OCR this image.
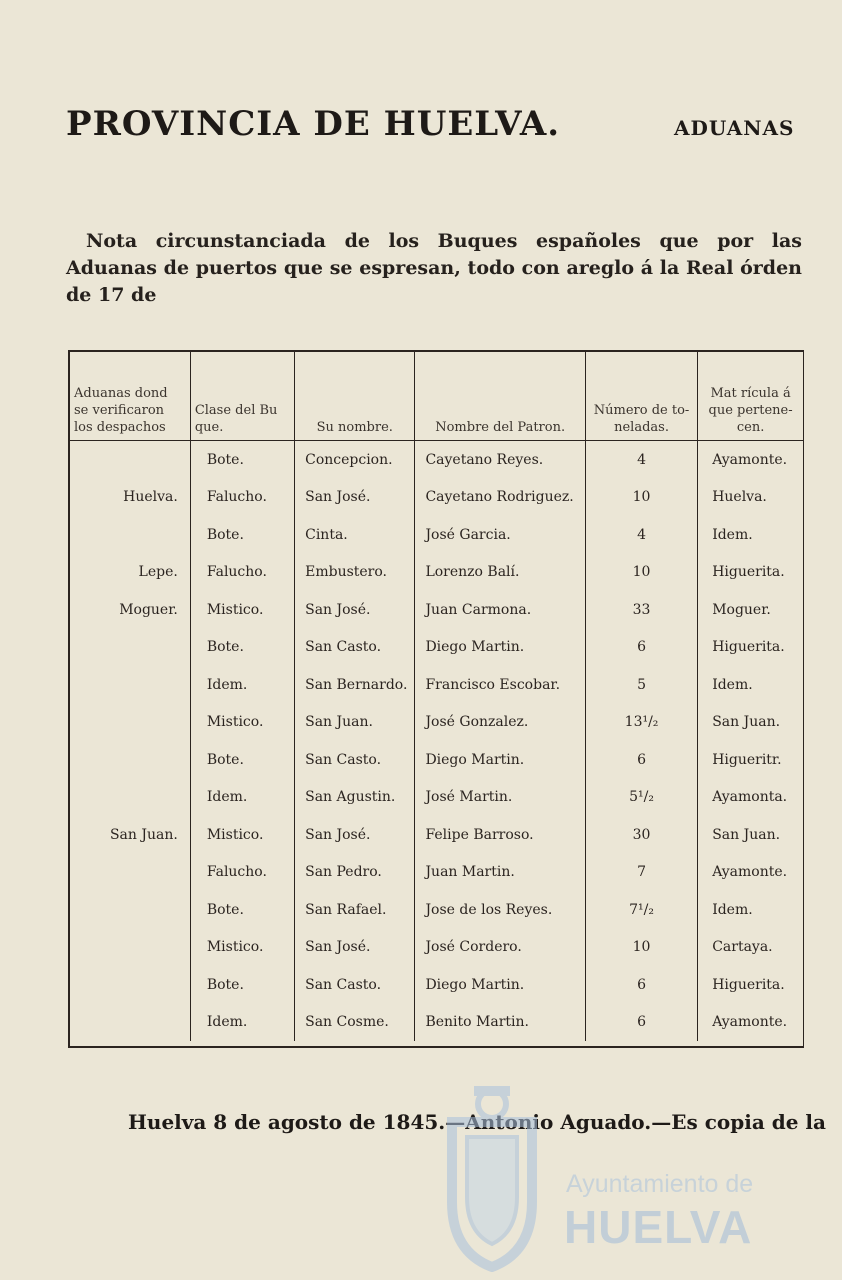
PROVINCIA DE HUELVA.	ADUANAS
Nota circunstanciada de los Buques españoles que por las Aduanas de puertos que se espresan, todo con areglo á la Real órden de 17 de
Aduanas dond se verificaron los despachos	Clase del Bu que.	Su nombre.	Nombre del Patron.	Número de to- neladas.	Mat rícula á que pertene- cen.
	Bote.	Concepcion.	Cayetano Reyes.	4	Ayamonte.
Huelva.	Falucho.	San José.	Cayetano Rodriguez.	10	Huelva.
	Bote.	Cinta.	José Garcia.	4	Idem.
Lepe.	Falucho.	Embustero.	Lorenzo Balí.	10	Higuerita.
Moguer.	Mistico.	San José.	Juan Carmona.	33	Moguer.
	Bote.	San Casto.	Diego Martin.	6	Higuerita.
	Idem.	San Bernardo.	Francisco Escobar.	5	Idem.
	Mistico.	San Juan.	José Gonzalez.	13¹/₂	San Juan.
	Bote.	San Casto.	Diego Martin.	6	Higueritr.
	Idem.	San Agustin.	José Martin.	5¹/₂	Ayamonta.
San Juan.	Mistico.	San José.	Felipe Barroso.	30	San Juan.
	Falucho.	San Pedro.	Juan Martin.	7	Ayamonte.
	Bote.	San Rafael.	Jose de los Reyes.	7¹/₂	Idem.
	Mistico.	San José.	José Cordero.	10	Cartaya.
	Bote.	San Casto.	Diego Martin.	6	Higuerita.
	Idem.	San Cosme.	Benito Martin.	6	Ayamonte.
Huelva 8 de agosto de 1845.—Antonio Aguado.—Es copia de la
Ayuntamiento de
HUELVA
